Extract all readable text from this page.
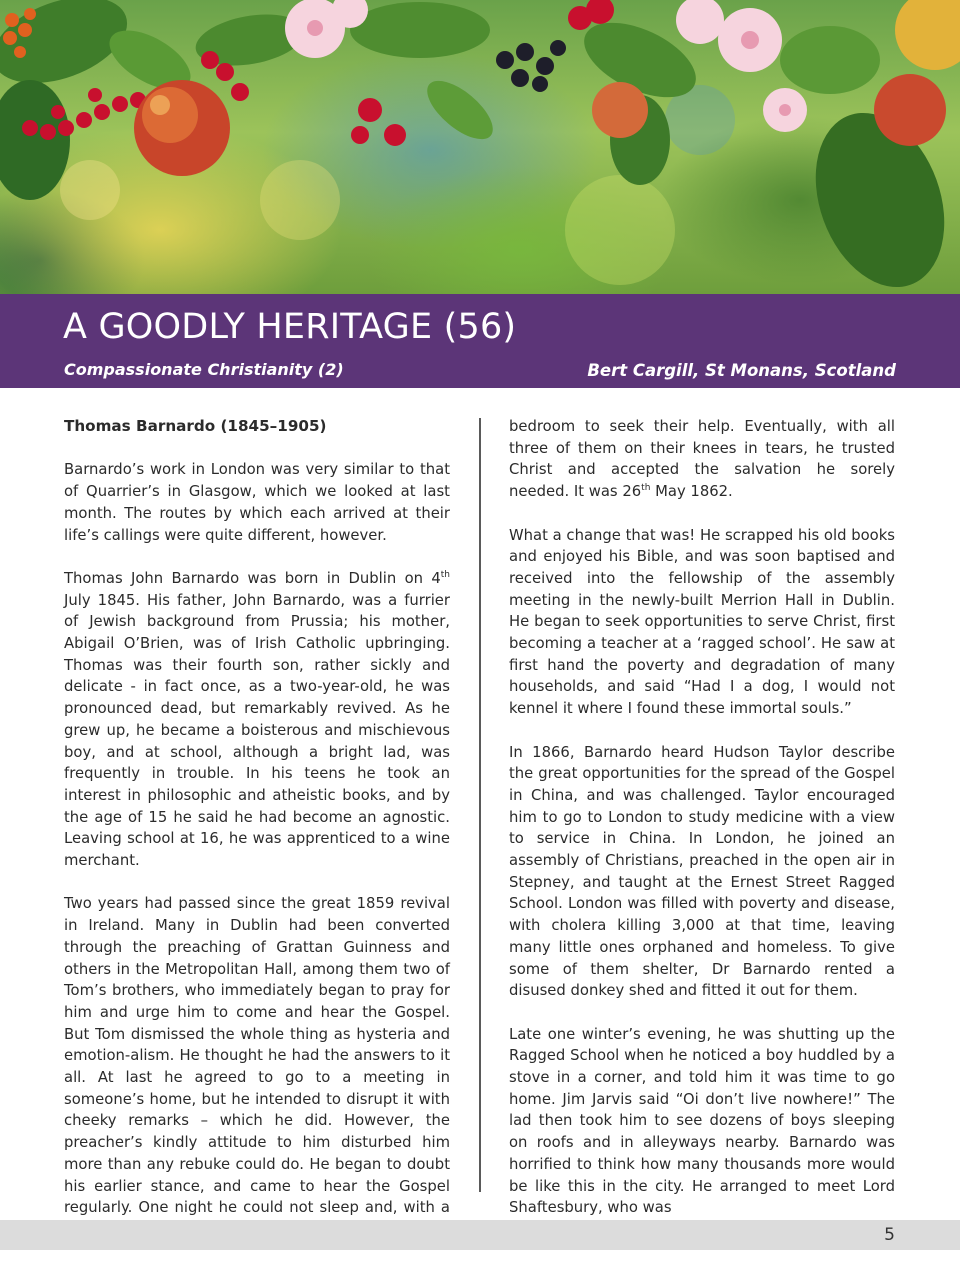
A GOODLY HERITAGE (56)
Compassionate Christianity (2)	Bert Cargill, St Monans, Scotland
Thomas Barnardo (1845–1905)

Barnardo’s work in London was very similar to that of Quarrier’s in Glasgow, which we looked at last month. The routes by which each arrived at their life’s callings were quite different, however.

Thomas John Barnardo was born in Dublin on 4th July 1845. His father, John Barnardo, was a furrier of Jewish background from Prussia; his mother, Abigail O’Brien, was of Irish Catholic upbringing. Thomas was their fourth son, rather sickly and delicate - in fact once, as a two-year-old, he was pronounced dead, but remarkably revived. As he grew up, he became a boisterous and mischievous boy, and at school, although a bright lad, was frequently in trouble. In his teens he took an interest in philosophic and atheistic books, and by the age of 15 he said he had become an agnostic. Leaving school at 16, he was apprenticed to a wine merchant.

Two years had passed since the great 1859 revival in Ireland. Many in Dublin had been converted through the preaching of Grattan Guinness and others in the Metropolitan Hall, among them two of Tom’s brothers, who immediately began to pray for him and urge him to come and hear the Gospel. But Tom dismissed the whole thing as hysteria and emotion-alism. He thought he had the answers to it all. At last he agreed to go to a meeting in someone’s home, but he intended to disrupt it with cheeky remarks – which he did. However, the preacher’s kindly attitude to him disturbed him more than any rebuke could do. He began to doubt his earlier stance, and came to hear the Gospel regularly. One night he could not sleep and, with a

bedroom to seek their help. Eventually, with all three of them on their knees in tears, he trusted Christ and accepted the salvation he sorely needed. It was 26th May 1862.

What a change that was! He scrapped his old books and enjoyed his Bible, and was soon baptised and received into the fellowship of the assembly meeting in the newly-built Merrion Hall in Dublin. He began to seek opportunities to serve Christ, first becoming a teacher at a ‘ragged school’. He saw at first hand the poverty and degradation of many households, and said “Had I a dog, I would not kennel it where I found these immortal souls.”

In 1866, Barnardo heard Hudson Taylor describe the great opportunities for the spread of the Gospel in China, and was challenged. Taylor encouraged him to go to London to study medicine with a view to service in China. In London, he joined an assembly of Christians, preached in the open air in Stepney, and taught at the Ernest Street Ragged School. London was filled with poverty and disease, with cholera killing 3,000 at that time, leaving many little ones orphaned and homeless. To give some of them shelter, Dr Barnardo rented a disused donkey shed and fitted it out for them.

Late one winter’s evening, he was shutting up the Ragged School when he noticed a boy huddled by a stove in a corner, and told him it was time to go home. Jim Jarvis said “Oi don’t live nowhere!” The lad then took him to see dozens of boys sleeping on roofs and in alleyways nearby. Barnardo was horrified to think how many thousands more would be like this in the city. He arranged to meet Lord Shaftesbury, who was

5
